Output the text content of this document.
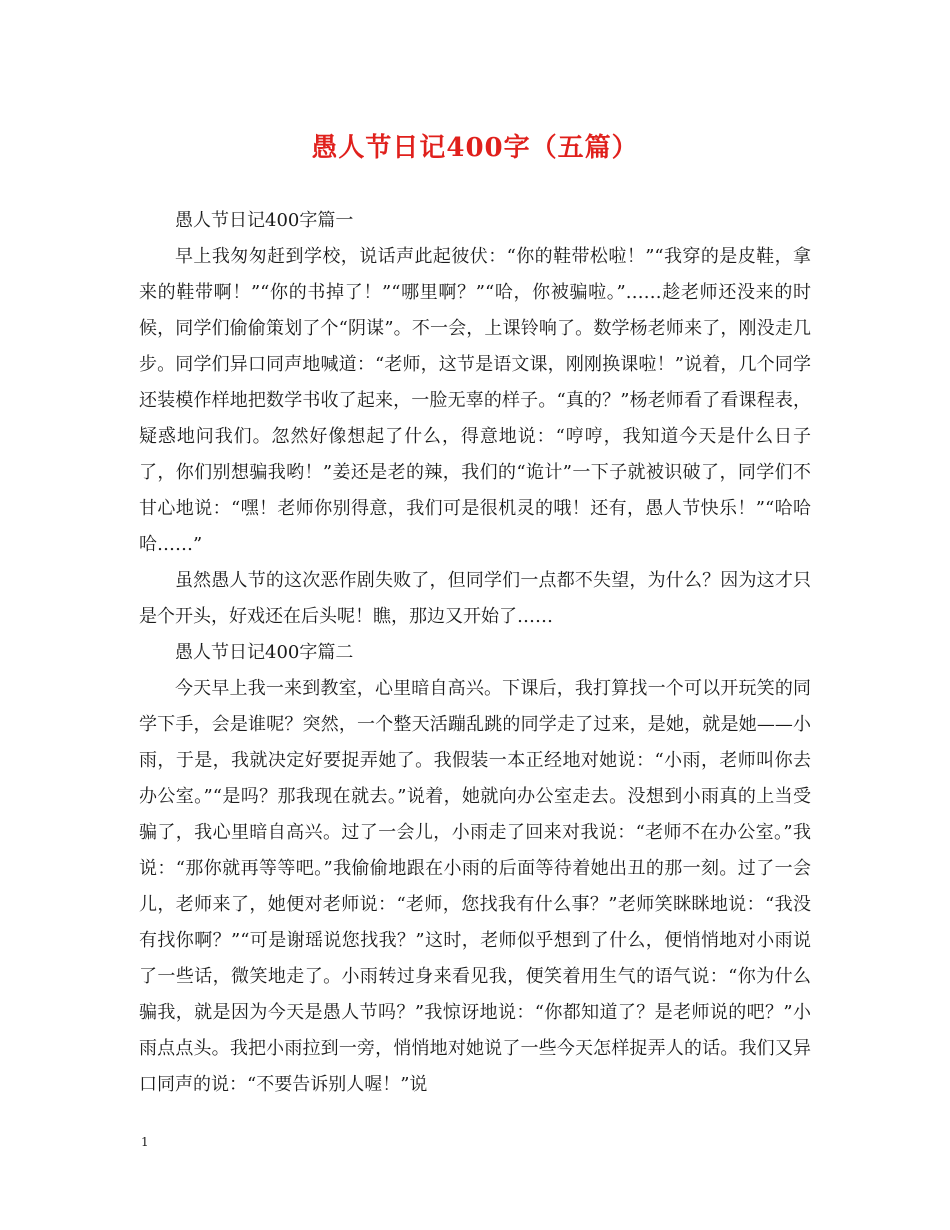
愚人节日记400字（五篇）

愚人节日记400字篇一

早上我匆匆赶到学校，说话声此起彼伏：“你的鞋带松啦！”“我穿的是皮鞋，拿来的鞋带啊！”“你的书掉了！”“哪里啊？”“哈，你被骗啦。”……趁老师还没来的时候，同学们偷偷策划了个“阴谋”。不一会，上课铃响了。数学杨老师来了，刚没走几步。同学们异口同声地喊道：“老师，这节是语文课，刚刚换课啦！”说着，几个同学还装模作样地把数学书收了起来，一脸无辜的样子。“真的？”杨老师看了看课程表，疑惑地问我们。忽然好像想起了什么，得意地说：“哼哼，我知道今天是什么日子了，你们别想骗我哟！”姜还是老的辣，我们的“诡计”一下子就被识破了，同学们不甘心地说：“嘿！老师你别得意，我们可是很机灵的哦！还有，愚人节快乐！”“哈哈哈……”

虽然愚人节的这次恶作剧失败了，但同学们一点都不失望，为什么？因为这才只是个开头，好戏还在后头呢！瞧，那边又开始了……

愚人节日记400字篇二

今天早上我一来到教室，心里暗自高兴。下课后，我打算找一个可以开玩笑的同学下手，会是谁呢？突然，一个整天活蹦乱跳的同学走了过来，是她，就是她——小雨，于是，我就决定好要捉弄她了。我假装一本正经地对她说：“小雨，老师叫你去办公室。”“是吗？那我现在就去。”说着，她就向办公室走去。没想到小雨真的上当受骗了，我心里暗自高兴。过了一会儿，小雨走了回来对我说：“老师不在办公室。”我说：“那你就再等等吧。”我偷偷地跟在小雨的后面等待着她出丑的那一刻。过了一会儿，老师来了，她便对老师说：“老师，您找我有什么事？”老师笑眯眯地说：“我没有找你啊？”“可是谢瑶说您找我？”这时，老师似乎想到了什么，便悄悄地对小雨说了一些话，微笑地走了。小雨转过身来看见我，便笑着用生气的语气说：“你为什么骗我，就是因为今天是愚人节吗？”我惊讶地说：“你都知道了？是老师说的吧？”小雨点点头。我把小雨拉到一旁，悄悄地对她说了一些今天怎样捉弄人的话。我们又异口同声的说：“不要告诉别人喔！”说

1
